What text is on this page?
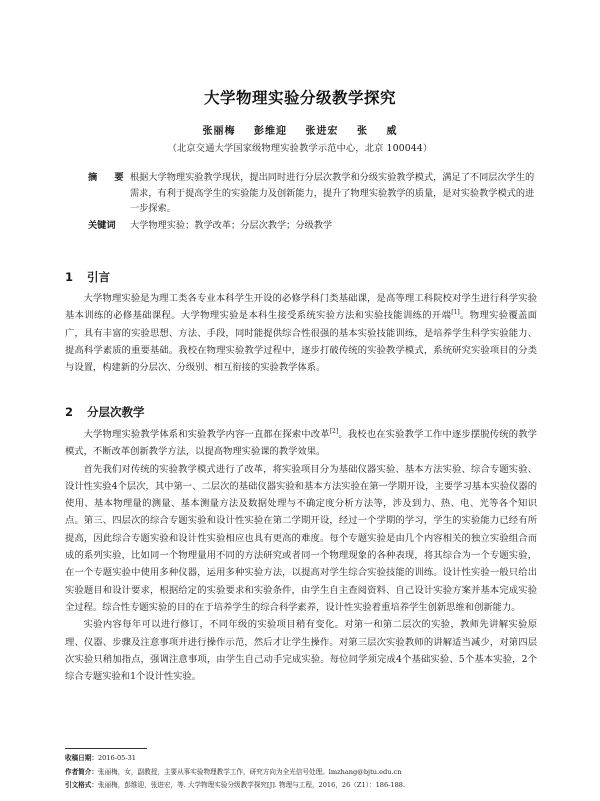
大学物理实验分级教学探究
张丽梅 彭维迎 张进宏 张 威
（北京交通大学国家级物理实验教学示范中心，北京 100044）
摘　要 根据大学物理实验教学现状，提出同时进行分层次教学和分级实验教学模式，满足了不同层次学生的需求，有利于提高学生的实验能力及创新能力，提升了物理实验教学的质量，是对实验教学模式的进一步探索。
关键词	大学物理实验；教学改革；分层次教学；分级教学
1 引言

大学物理实验是为理工类各专业本科学生开设的必修学科门类基础课，是高等理工科院校对学生进行科学实验基本训练的必修基础课程。大学物理实验是本科生接受系统实验方法和实验技能训练的开端[1]。物理实验覆盖面广，具有丰富的实验思想、方法、手段，同时能提供综合性很强的基本实验技能训练，是培养学生科学实验能力、提高科学素质的重要基础。我校在物理实验教学过程中，逐步打破传统的实验教学模式，系统研究实验项目的分类与设置，构建新的分层次、分级别、相互衔接的实验教学体系。

2 分层次教学

大学物理实验教学体系和实验教学内容一直都在探索中改革[2]。我校也在实验教学工作中逐步摆脱传统的教学模式，不断改革创新教学方法，以提高物理实验课的教学效果。

首先我们对传统的实验教学模式进行了改革，将实验项目分为基础仪器实验、基本方法实验、综合专题实验、设计性实验4个层次，其中第一、二层次的基础仪器实验和基本方法实验在第一学期开设，主要学习基本实验仪器的使用、基本物理量的测量、基本测量方法及数据处理与不确定度分析方法等，涉及到力、热、电、光等各个知识点。第三、四层次的综合专题实验和设计性实验在第二学期开设，经过一个学期的学习，学生的实验能力已经有所提高，因此综合专题实验和设计性实验相应也具有更高的难度。每个专题实验是由几个内容相关的独立实验组合而成的系列实验，比如同一个物理量用不同的方法研究或者同一个物理现象的各种表现，将其综合为一个专题实验，在一个专题实验中使用多种仪器，运用多种实验方法，以提高对学生综合实验技能的训练。设计性实验一般只给出实验题目和设计要求，根据给定的实验要求和实验条件，由学生自主查阅资料、自己设计实验方案并基本完成实验全过程。综合性专题实验的目的在于培养学生的综合科学素养，设计性实验着重培养学生创新思维和创新能力。

实验内容每年可以进行修订，不同年级的实验项目稍有变化。对第一和第二层次的实验，教师先讲解实验原理、仪器、步骤及注意事项并进行操作示范，然后才让学生操作。对第三层次实验教师的讲解适当减少，对第四层次实验只稍加指点，强调注意事项，由学生自己动手完成实验。每位同学须完成4个基础实验、5个基本实验，2个综合专题实验和1个设计性实验。

收稿日期：2016-05-31
作者简介：张丽梅，女，副教授，主要从事实验物理教学工作，研究方向为全光信号处理。lmzhang@bjtu.edu.cn
引文格式：张丽梅，彭维迎，张进宏，等. 大学物理实验分级教学探究[J]. 物理与工程，2016，26（Z1）：186-188.
